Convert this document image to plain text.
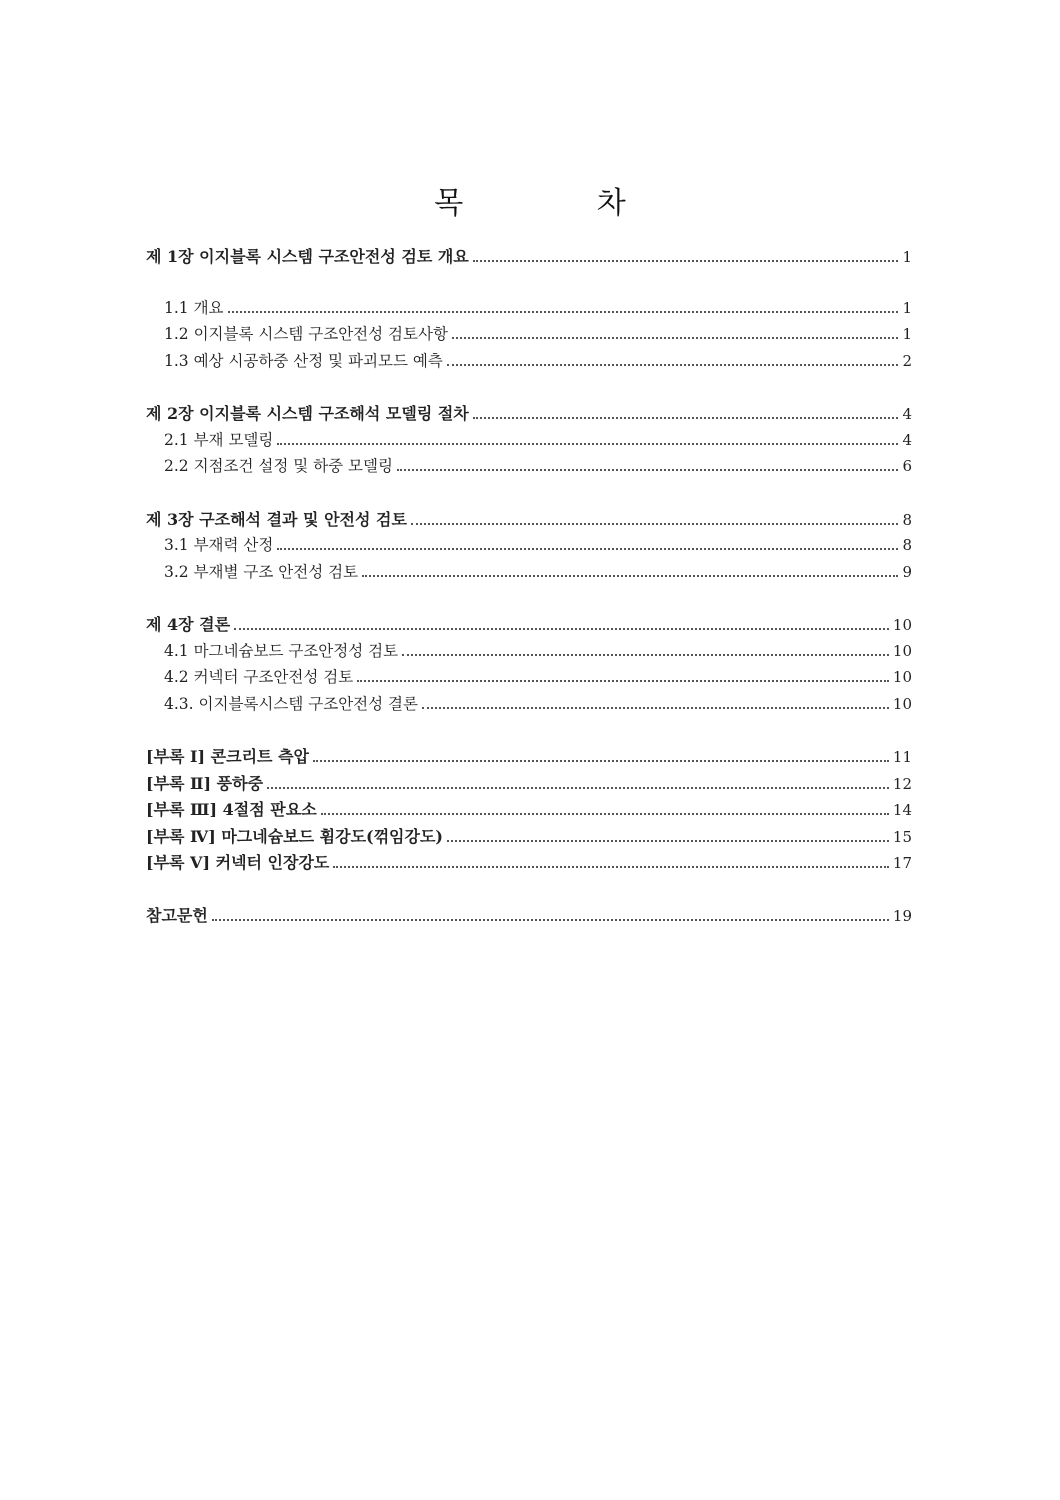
목 차
제 1장 이지블록 시스템 구조안전성 검토 개요	1
1.1 개요	1
1.2 이지블록 시스템 구조안전성 검토사항	1
1.3 예상 시공하중 산정 및 파괴모드 예측	2
제 2장 이지블록 시스템 구조해석 모델링 절차	4
2.1 부재 모델링	4
2.2 지점조건 설정 및 하중 모델링	6
제 3장 구조해석 결과 및 안전성 검토	8
3.1 부재력 산정	8
3.2 부재별 구조 안전성 검토	9
제 4장 결론	10
4.1 마그네슘보드 구조안정성 검토	10
4.2 커넥터 구조안전성 검토	10
4.3. 이지블록시스템 구조안전성 결론	10
[부록 Ⅰ] 콘크리트 측압	11
[부록 Ⅱ] 풍하중	12
[부록 Ⅲ] 4절점 판요소	14
[부록 Ⅳ] 마그네슘보드 휨강도(꺾임강도)	15
[부록 Ⅴ] 커넥터 인장강도	17
참고문헌	19
